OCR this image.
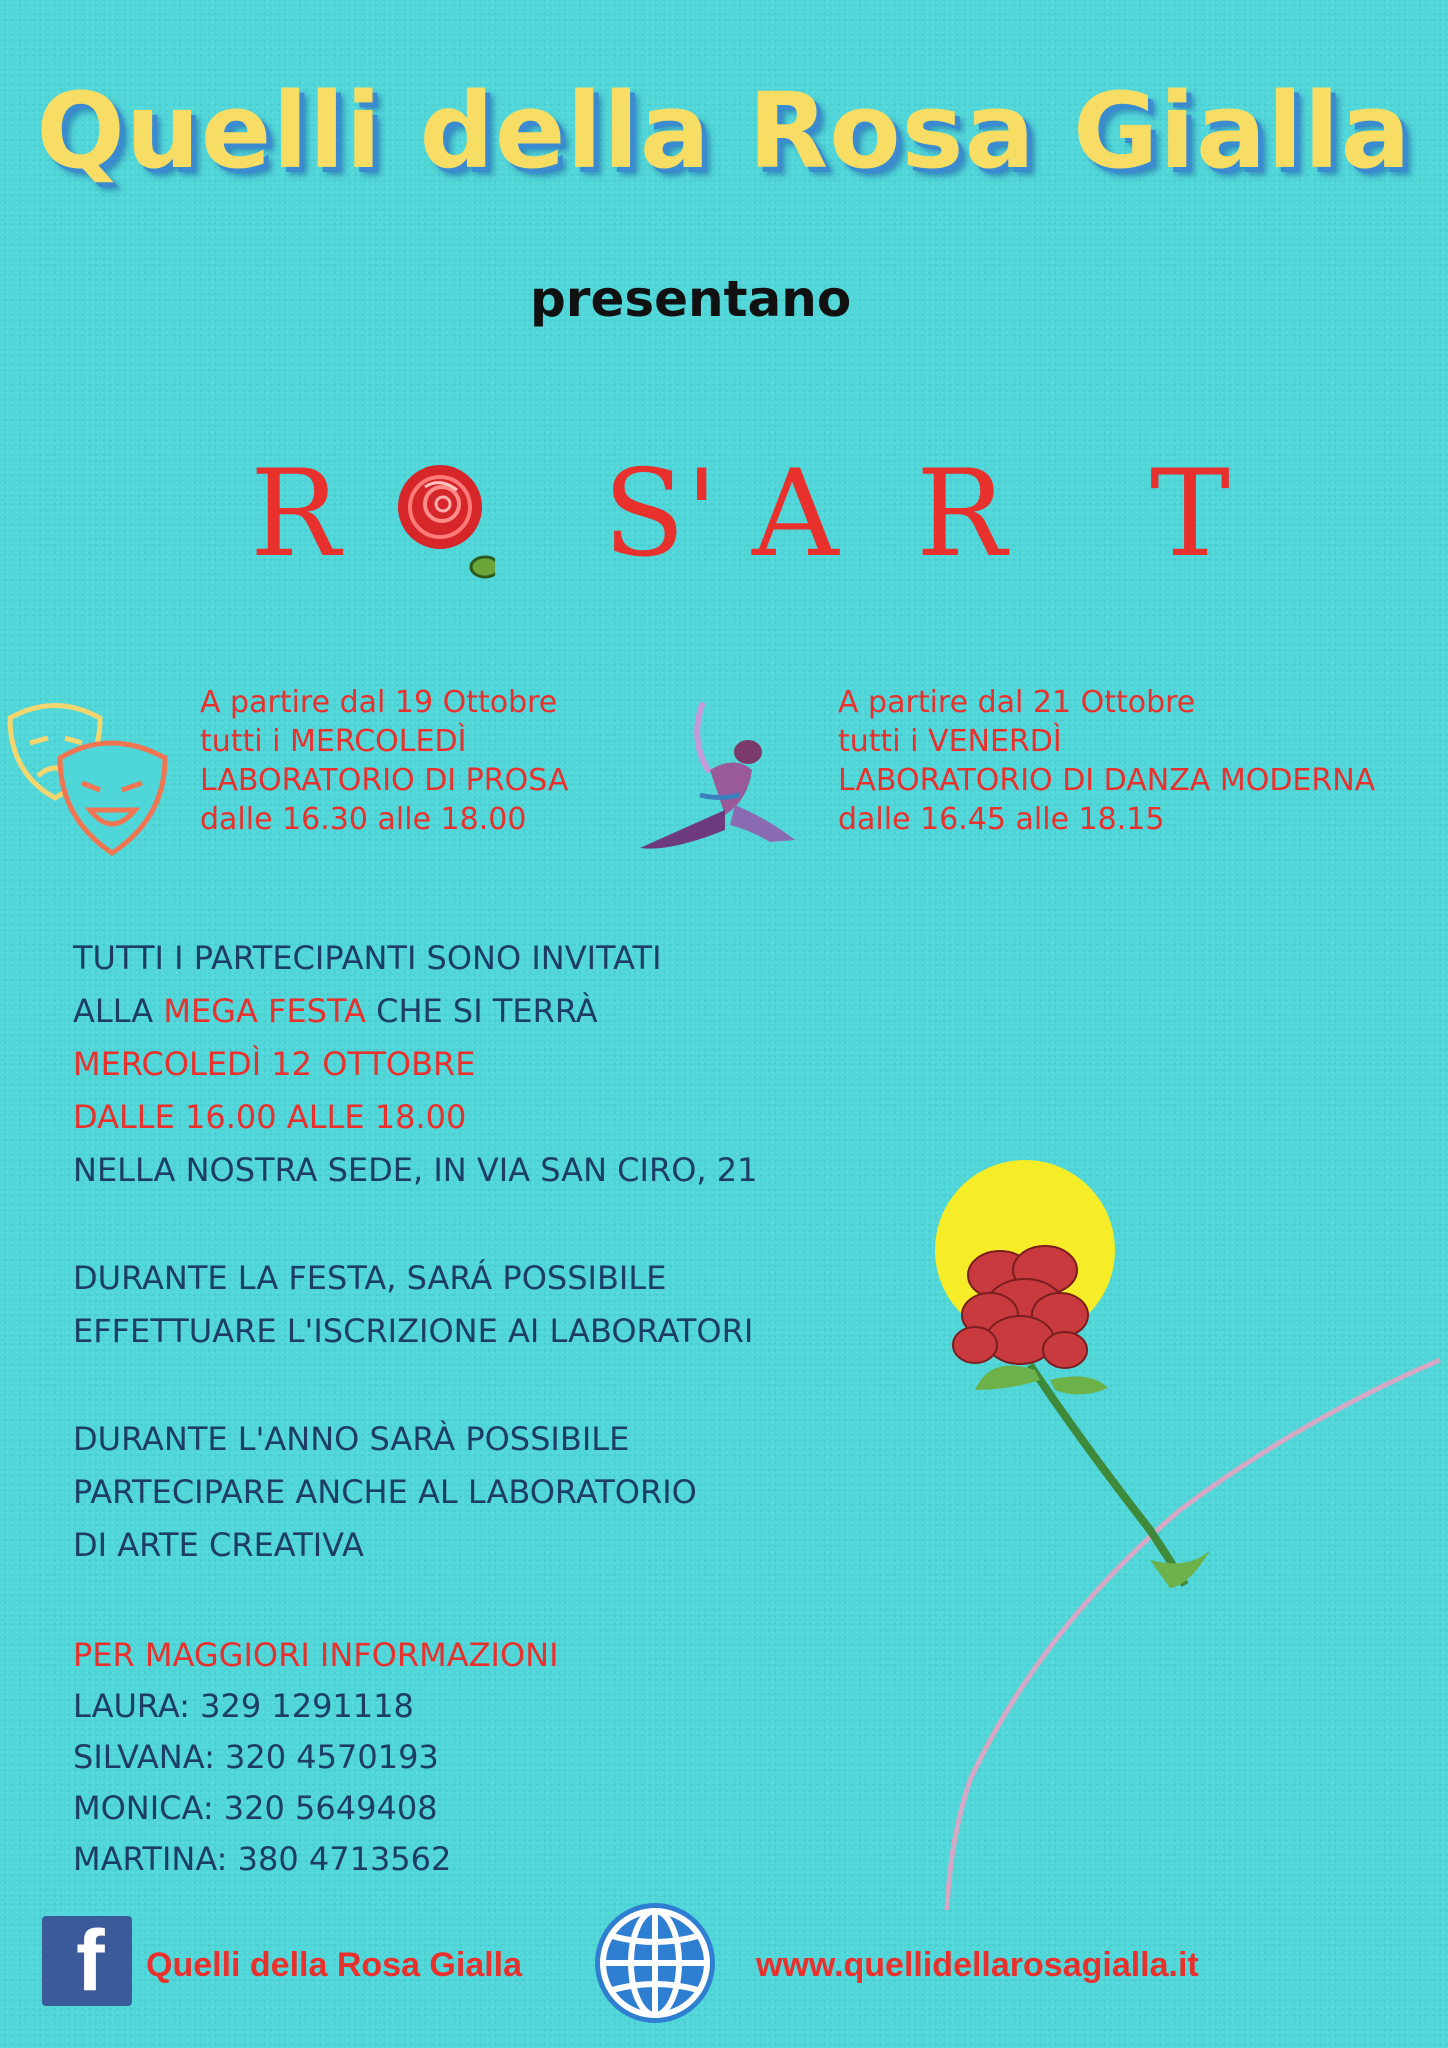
Quelli della Rosa Gialla
presentano
R S' A R T
A partire dal 19 Ottobre
tutti i MERCOLEDÌ
LABORATORIO DI PROSA
dalle 16.30 alle 18.00
A partire dal 21 Ottobre
tutti i VENERDÌ
LABORATORIO DI DANZA MODERNA
dalle 16.45 alle 18.15
TUTTI I PARTECIPANTI SONO INVITATI
ALLA MEGA FESTA CHE SI TERRÀ
MERCOLEDÌ 12 OTTOBRE
DALLE 16.00 ALLE 18.00
NELLA NOSTRA SEDE, IN VIA SAN CIRO, 21
DURANTE LA FESTA, SARÁ POSSIBILE
EFFETTUARE L'ISCRIZIONE AI LABORATORI
DURANTE L'ANNO SARÀ POSSIBILE
PARTECIPARE ANCHE AL LABORATORIO
DI ARTE CREATIVA
PER MAGGIORI INFORMAZIONI
LAURA: 329 1291118
SILVANA: 320 4570193
MONICA: 320 5649408
MARTINA: 380 4713562
f Quelli della Rosa Gialla	www.quellidellarosagialla.it
